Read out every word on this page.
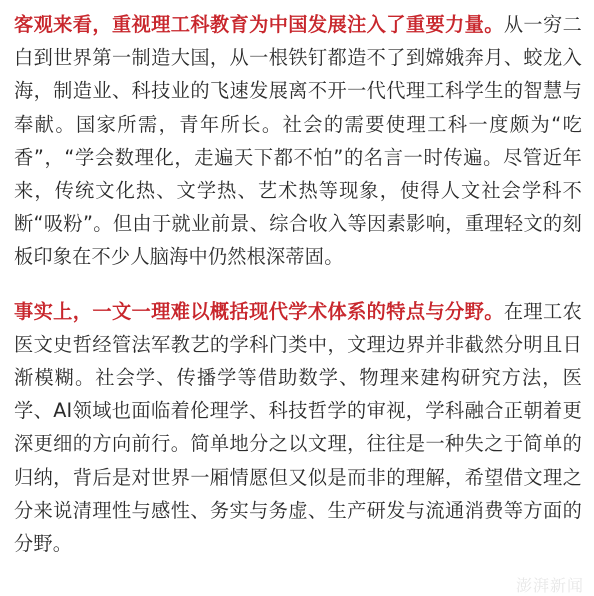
客观来看，重视理工科教育为中国发展注入了重要力量。从一穷二白到世界第一制造大国，从一根铁钉都造不了到嫦娥奔月、蛟龙入海，制造业、科技业的飞速发展离不开一代代理工科学生的智慧与奉献。国家所需，青年所长。社会的需要使理工科一度颇为“吃香”，“学会数理化，走遍天下都不怕”的名言一时传遍。尽管近年来，传统文化热、文学热、艺术热等现象，使得人文社会学科不断“吸粉”。但由于就业前景、综合收入等因素影响，重理轻文的刻板印象在不少人脑海中仍然根深蒂固。

事实上，一文一理难以概括现代学术体系的特点与分野。在理工农医文史哲经管法军教艺的学科门类中，文理边界并非截然分明且日渐模糊。社会学、传播学等借助数学、物理来建构研究方法，医学、AI领域也面临着伦理学、科技哲学的审视，学科融合正朝着更深更细的方向前行。简单地分之以文理，往往是一种失之于简单的归纳，背后是对世界一厢情愿但又似是而非的理解，希望借文理之分来说清理性与感性、务实与务虚、生产研发与流通消费等方面的分野。

澎湃新闻
